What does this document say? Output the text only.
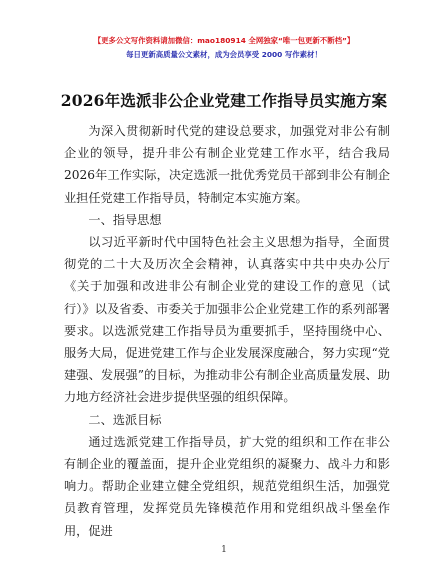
【更多公文写作资料请加微信：mao180914 全网独家“唯一包更新不断档”】
每日更新高质量公文素材，成为会员享受 2000 写作素材！
2026年选派非公企业党建工作指导员实施方案

为深入贯彻新时代党的建设总要求，加强党对非公有制企业的领导，提升非公有制企业党建工作水平，结合我局2026年工作实际，决定选派一批优秀党员干部到非公有制企业担任党建工作指导员，特制定本实施方案。

一、指导思想

以习近平新时代中国特色社会主义思想为指导，全面贯彻党的二十大及历次全会精神，认真落实中共中央办公厅《关于加强和改进非公有制企业党的建设工作的意见（试行）》以及省委、市委关于加强非公企业党建工作的系列部署要求。以选派党建工作指导员为重要抓手，坚持围绕中心、服务大局，促进党建工作与企业发展深度融合，努力实现“党建强、发展强”的目标，为推动非公有制企业高质量发展、助力地方经济社会进步提供坚强的组织保障。

二、选派目标

通过选派党建工作指导员，扩大党的组织和工作在非公有制企业的覆盖面，提升企业党组织的凝聚力、战斗力和影响力。帮助企业建立健全党组织，规范党组织生活，加强党员教育管理，发挥党员先锋模范作用和党组织战斗堡垒作用，促进

1
